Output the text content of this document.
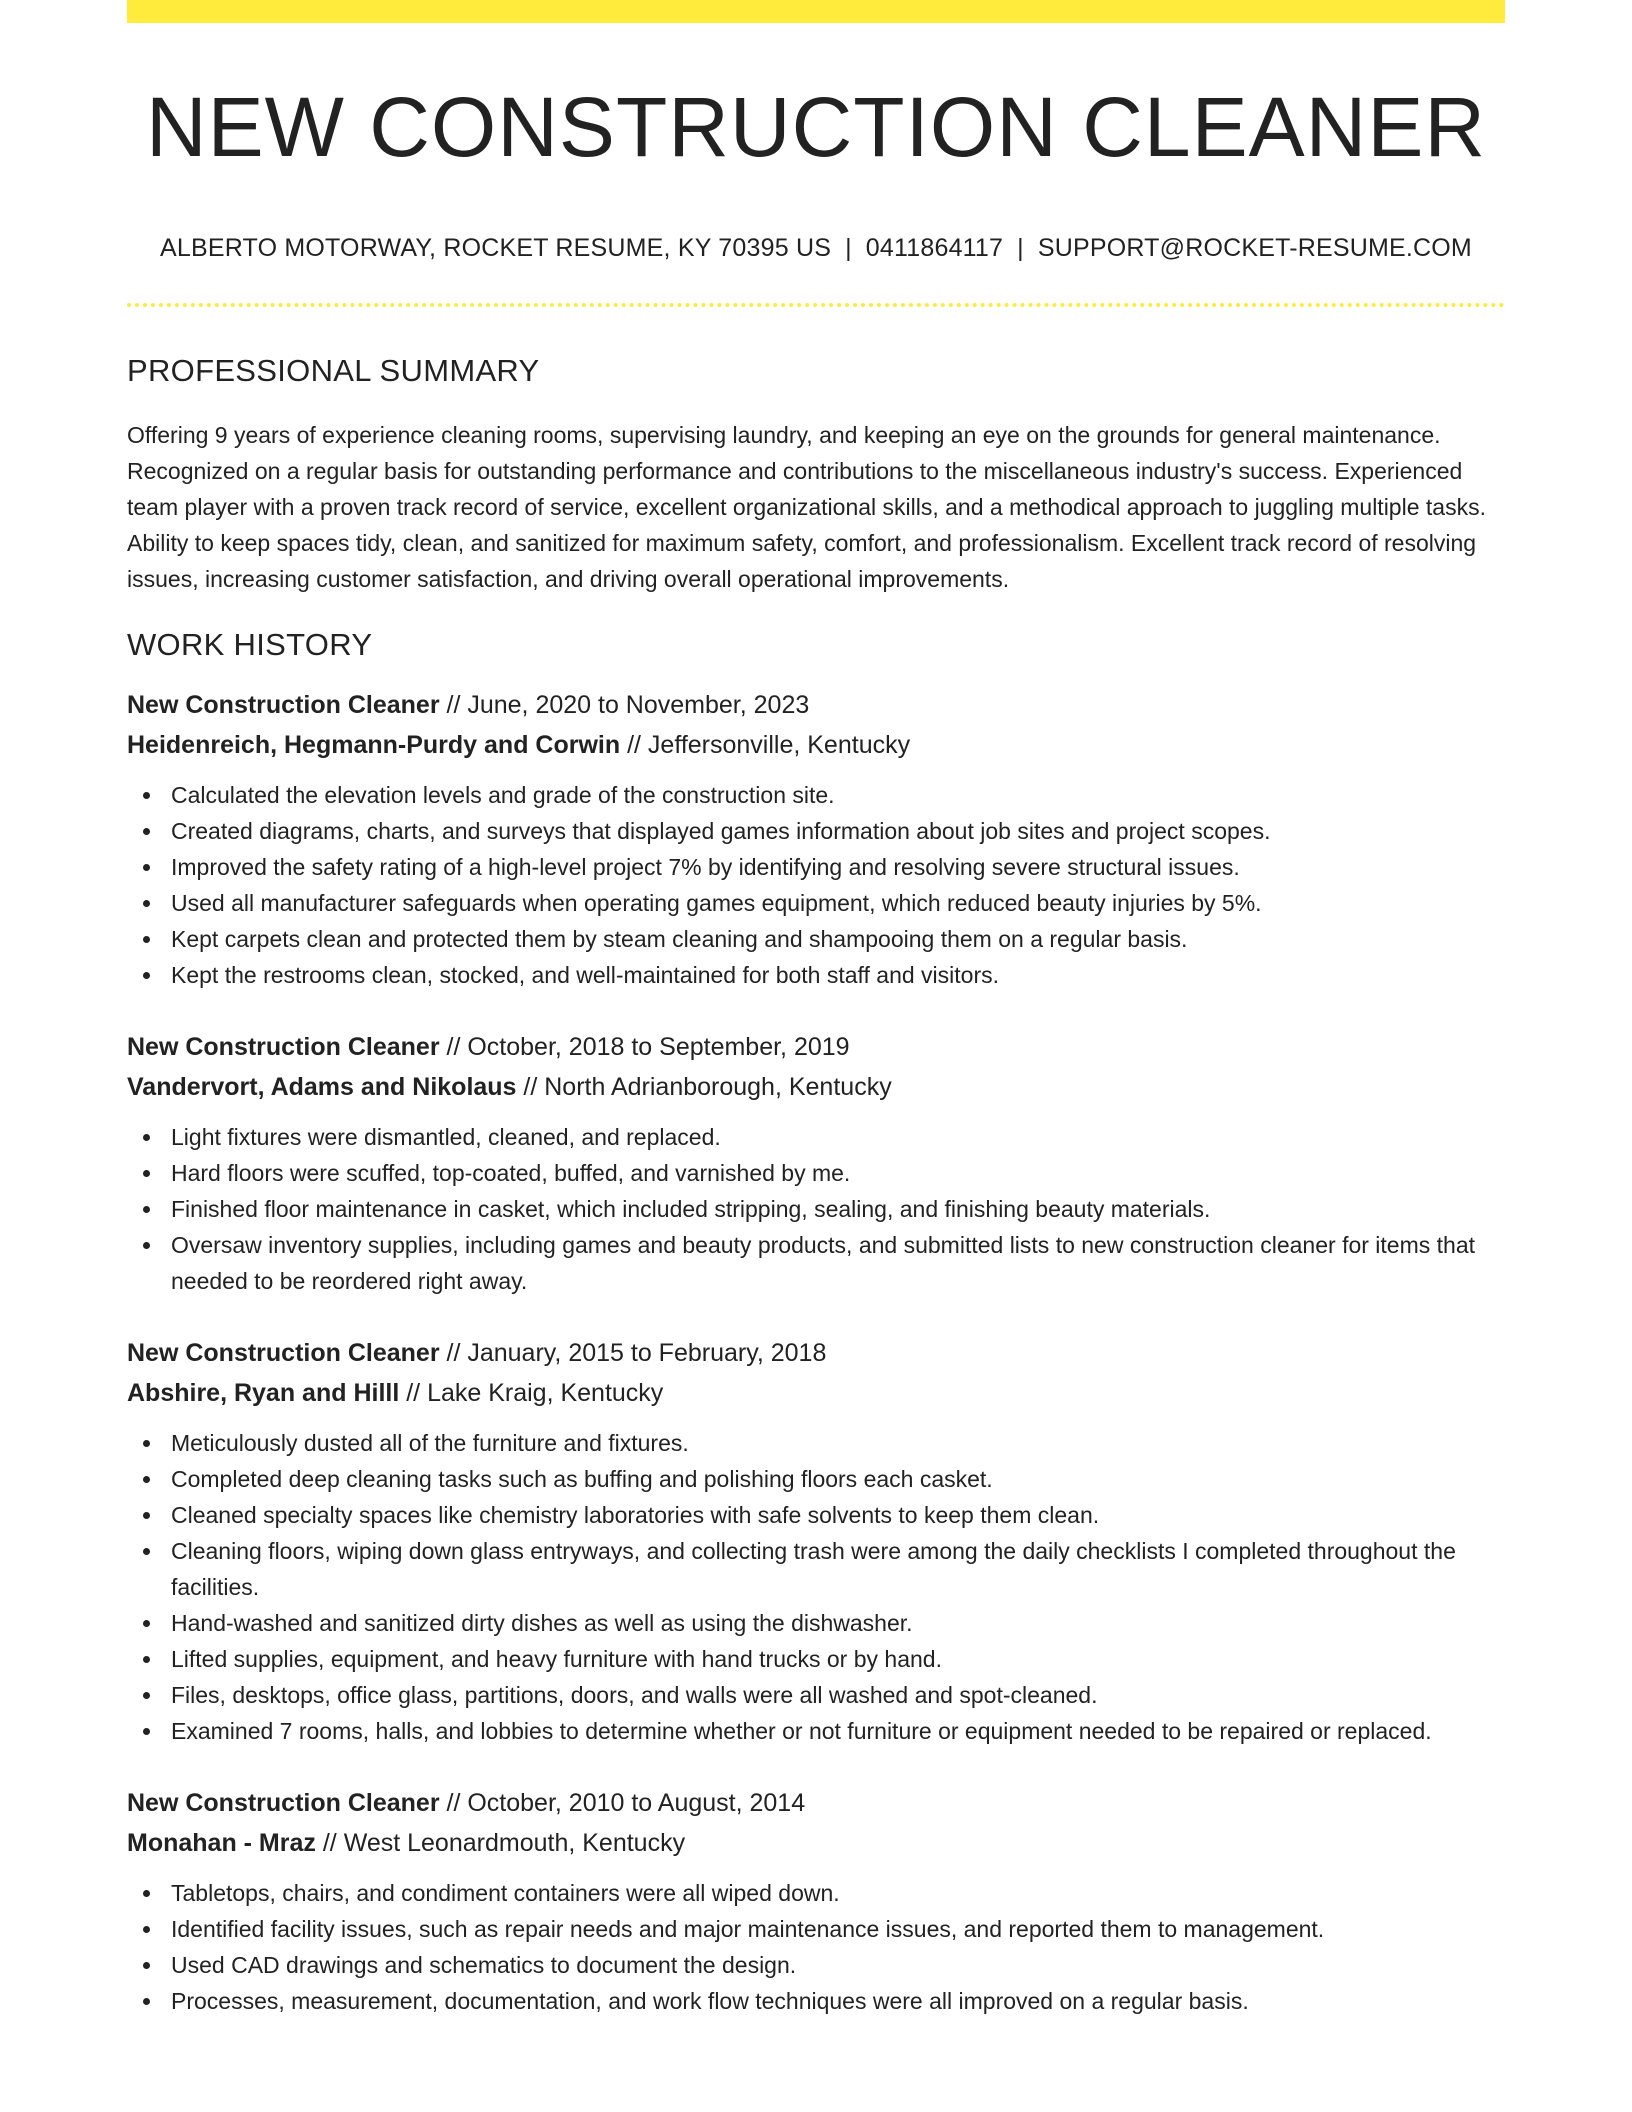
NEW CONSTRUCTION CLEANER
ALBERTO MOTORWAY, ROCKET RESUME, KY 70395 US | 0411864117 | SUPPORT@ROCKET-RESUME.COM
PROFESSIONAL SUMMARY

Offering 9 years of experience cleaning rooms, supervising laundry, and keeping an eye on the grounds for general maintenance. Recognized on a regular basis for outstanding performance and contributions to the miscellaneous industry's success. Experienced team player with a proven track record of service, excellent organizational skills, and a methodical approach to juggling multiple tasks. Ability to keep spaces tidy, clean, and sanitized for maximum safety, comfort, and professionalism. Excellent track record of resolving issues, increasing customer satisfaction, and driving overall operational improvements.

WORK HISTORY
New Construction Cleaner // June, 2020 to November, 2023
Heidenreich, Hegmann-Purdy and Corwin // Jeffersonville, Kentucky
Calculated the elevation levels and grade of the construction site.
Created diagrams, charts, and surveys that displayed games information about job sites and project scopes.
Improved the safety rating of a high-level project 7% by identifying and resolving severe structural issues.
Used all manufacturer safeguards when operating games equipment, which reduced beauty injuries by 5%.
Kept carpets clean and protected them by steam cleaning and shampooing them on a regular basis.
Kept the restrooms clean, stocked, and well-maintained for both staff and visitors.
New Construction Cleaner // October, 2018 to September, 2019
Vandervort, Adams and Nikolaus // North Adrianborough, Kentucky
Light fixtures were dismantled, cleaned, and replaced.
Hard floors were scuffed, top-coated, buffed, and varnished by me.
Finished floor maintenance in casket, which included stripping, sealing, and finishing beauty materials.
Oversaw inventory supplies, including games and beauty products, and submitted lists to new construction cleaner for items that needed to be reordered right away.
New Construction Cleaner // January, 2015 to February, 2018
Abshire, Ryan and Hilll // Lake Kraig, Kentucky
Meticulously dusted all of the furniture and fixtures.
Completed deep cleaning tasks such as buffing and polishing floors each casket.
Cleaned specialty spaces like chemistry laboratories with safe solvents to keep them clean.
Cleaning floors, wiping down glass entryways, and collecting trash were among the daily checklists I completed throughout the facilities.
Hand-washed and sanitized dirty dishes as well as using the dishwasher.
Lifted supplies, equipment, and heavy furniture with hand trucks or by hand.
Files, desktops, office glass, partitions, doors, and walls were all washed and spot-cleaned.
Examined 7 rooms, halls, and lobbies to determine whether or not furniture or equipment needed to be repaired or replaced.
New Construction Cleaner // October, 2010 to August, 2014
Monahan - Mraz // West Leonardmouth, Kentucky
Tabletops, chairs, and condiment containers were all wiped down.
Identified facility issues, such as repair needs and major maintenance issues, and reported them to management.
Used CAD drawings and schematics to document the design.
Processes, measurement, documentation, and work flow techniques were all improved on a regular basis.
